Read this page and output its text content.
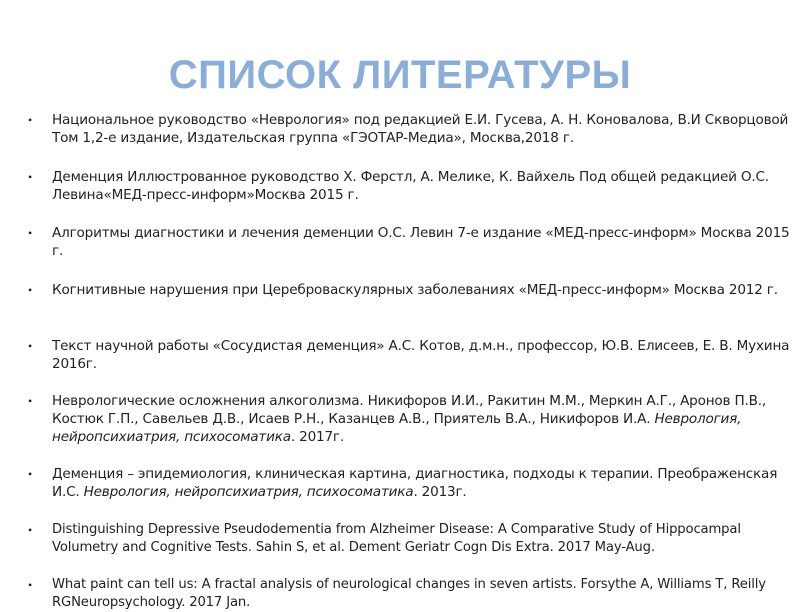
СПИСОК ЛИТЕРАТУРЫ
•	Национальное руководство «Неврология» под редакцией Е.И. Гусева, А. Н. Коновалова, В.И Скворцовой Том 1,2-е издание, Издательская группа «ГЭОТАР-Медиа», Москва,2018 г.
•	Деменция Иллюстрованное руководство Х. Ферстл, А. Мелике, К. Вайхель Под общей редакцией О.С. Левина«МЕД-пресс-информ»Москва 2015 г.
•	Алгоритмы диагностики и лечения деменции О.С. Левин 7-е издание «МЕД-пресс-информ» Москва 2015 г.
•	Когнитивные нарушения при Цереброваскулярных заболеваниях «МЕД-пресс-информ» Москва 2012 г.
•	Текст научной работы «Сосудистая деменция» А.С. Котов, д.м.н., профессор, Ю.В. Елисеев, Е. В. Мухина 2016г.
•	Неврологические осложнения алкоголизма. Никифоров И.И., Ракитин М.М., Меркин А.Г., Аронов П.В., Костюк Г.П., Савельев Д.В., Исаев Р.Н., Казанцев А.В., Приятель В.А., Никифоров И.А. Неврология, нейропсихиатрия, психосоматика. 2017г.
•	Деменция – эпидемиология, клиническая картина, диагностика, подходы к терапии. Преображенская И.С. Неврология, нейропсихиатрия, психосоматика. 2013г.
•	Distinguishing Depressive Pseudodementia from Alzheimer Disease: A Comparative Study of Hippocampal Volumetry and Cognitive Tests. Sahin S, et al. Dement Geriatr Cogn Dis Extra. 2017 May-Aug.
•	What paint can tell us: A fractal analysis of neurological changes in seven artists. Forsythe A, Williams T, Reilly RGNeuropsychology. 2017 Jan.
